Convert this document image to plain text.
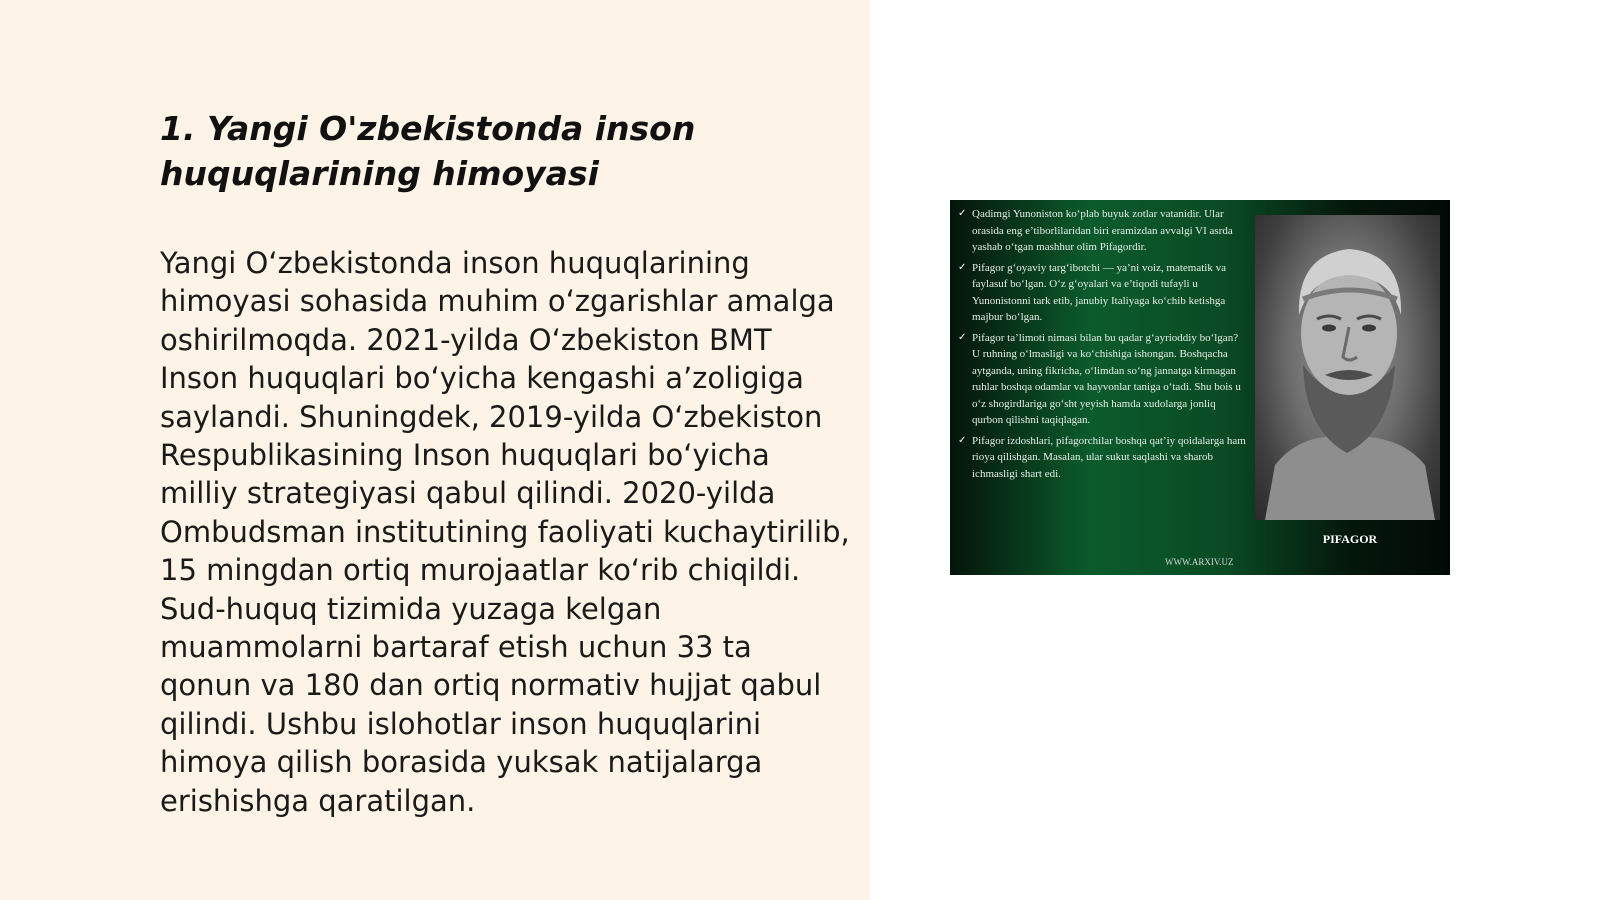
1. Yangi O'zbekistonda inson huquqlarining himoyasi

Yangi O‘zbekistonda inson huquqlarining himoyasi sohasida muhim o‘zgarishlar amalga oshirilmoqda. 2021-yilda O‘zbekiston BMT Inson huquqlari bo‘yicha kengashi a’zoligiga saylandi. Shuningdek, 2019-yilda O‘zbekiston Respublikasining Inson huquqlari bo‘yicha milliy strategiyasi qabul qilindi. 2020-yilda Ombudsman institutining faoliyati kuchaytirilib, 15 mingdan ortiq murojaatlar ko‘rib chiqildi. Sud-huquq tizimida yuzaga kelgan muammolarni bartaraf etish uchun 33 ta qonun va 180 dan ortiq normativ hujjat qabul qilindi. Ushbu islohotlar inson huquqlarini himoya qilish borasida yuksak natijalarga erishishga qaratilgan.

✓ Qadimgi Yunoniston ko‘plab buyuk zotlar vatanidir. Ular orasida eng e’tiborlilaridan biri eramizdan avvalgi VI asrda yashab o‘tgan mashhur olim Pifagordir.
✓ Pifagor g‘oyaviy targ‘ibotchi — ya’ni voiz, matematik va faylasuf bo‘lgan. O‘z g‘oyalari va e’tiqodi tufayli u Yunonistonni tark etib, janubiy Italiyaga ko‘chib ketishga majbur bo‘lgan.
✓ Pifagor ta’limoti nimasi bilan bu qadar g‘ayrioddiy bo‘lgan? U ruhning o‘lmasligi va ko‘chishiga ishongan. Boshqacha aytganda, uning fikricha, o‘limdan so‘ng jannatga kirmagan ruhlar boshqa odamlar va hayvonlar taniga o‘tadi. Shu bois u o‘z shogirdlariga go‘sht yeyish hamda xudolarga jonliq qurbon qilishni taqiqlagan.
✓ Pifagor izdoshlari, pifagorchilar boshqa qat’iy qoidalarga ham rioya qilishgan. Masalan, ular sukut saqlashi va sharob ichmasligi shart edi.
PIFAGOR
WWW.ARXIV.UZ
